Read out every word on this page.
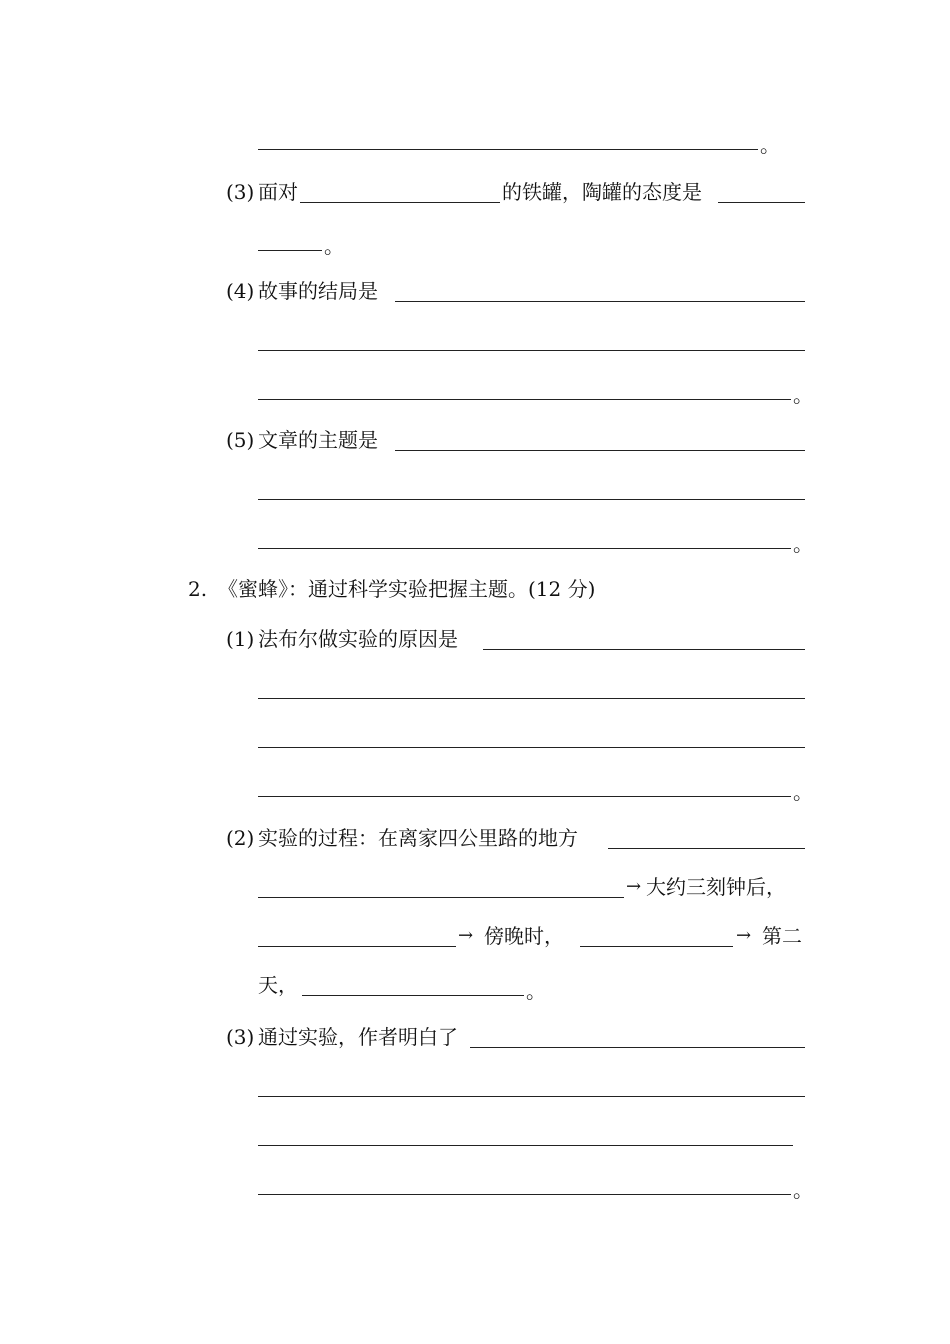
。
(3) 面对	的铁罐，陶罐的态度是
。
(4) 故事的结局是
。
(5) 文章的主题是
。
2. 《蜜蜂》：通过科学实验把握主题。(12 分)
(1) 法布尔做实验的原因是
。
(2) 实验的过程：在离家四公里路的地方
→ 大约三刻钟后，
→ 傍晚时，	→ 第二
天，	。
(3) 通过实验，作者明白了
。
